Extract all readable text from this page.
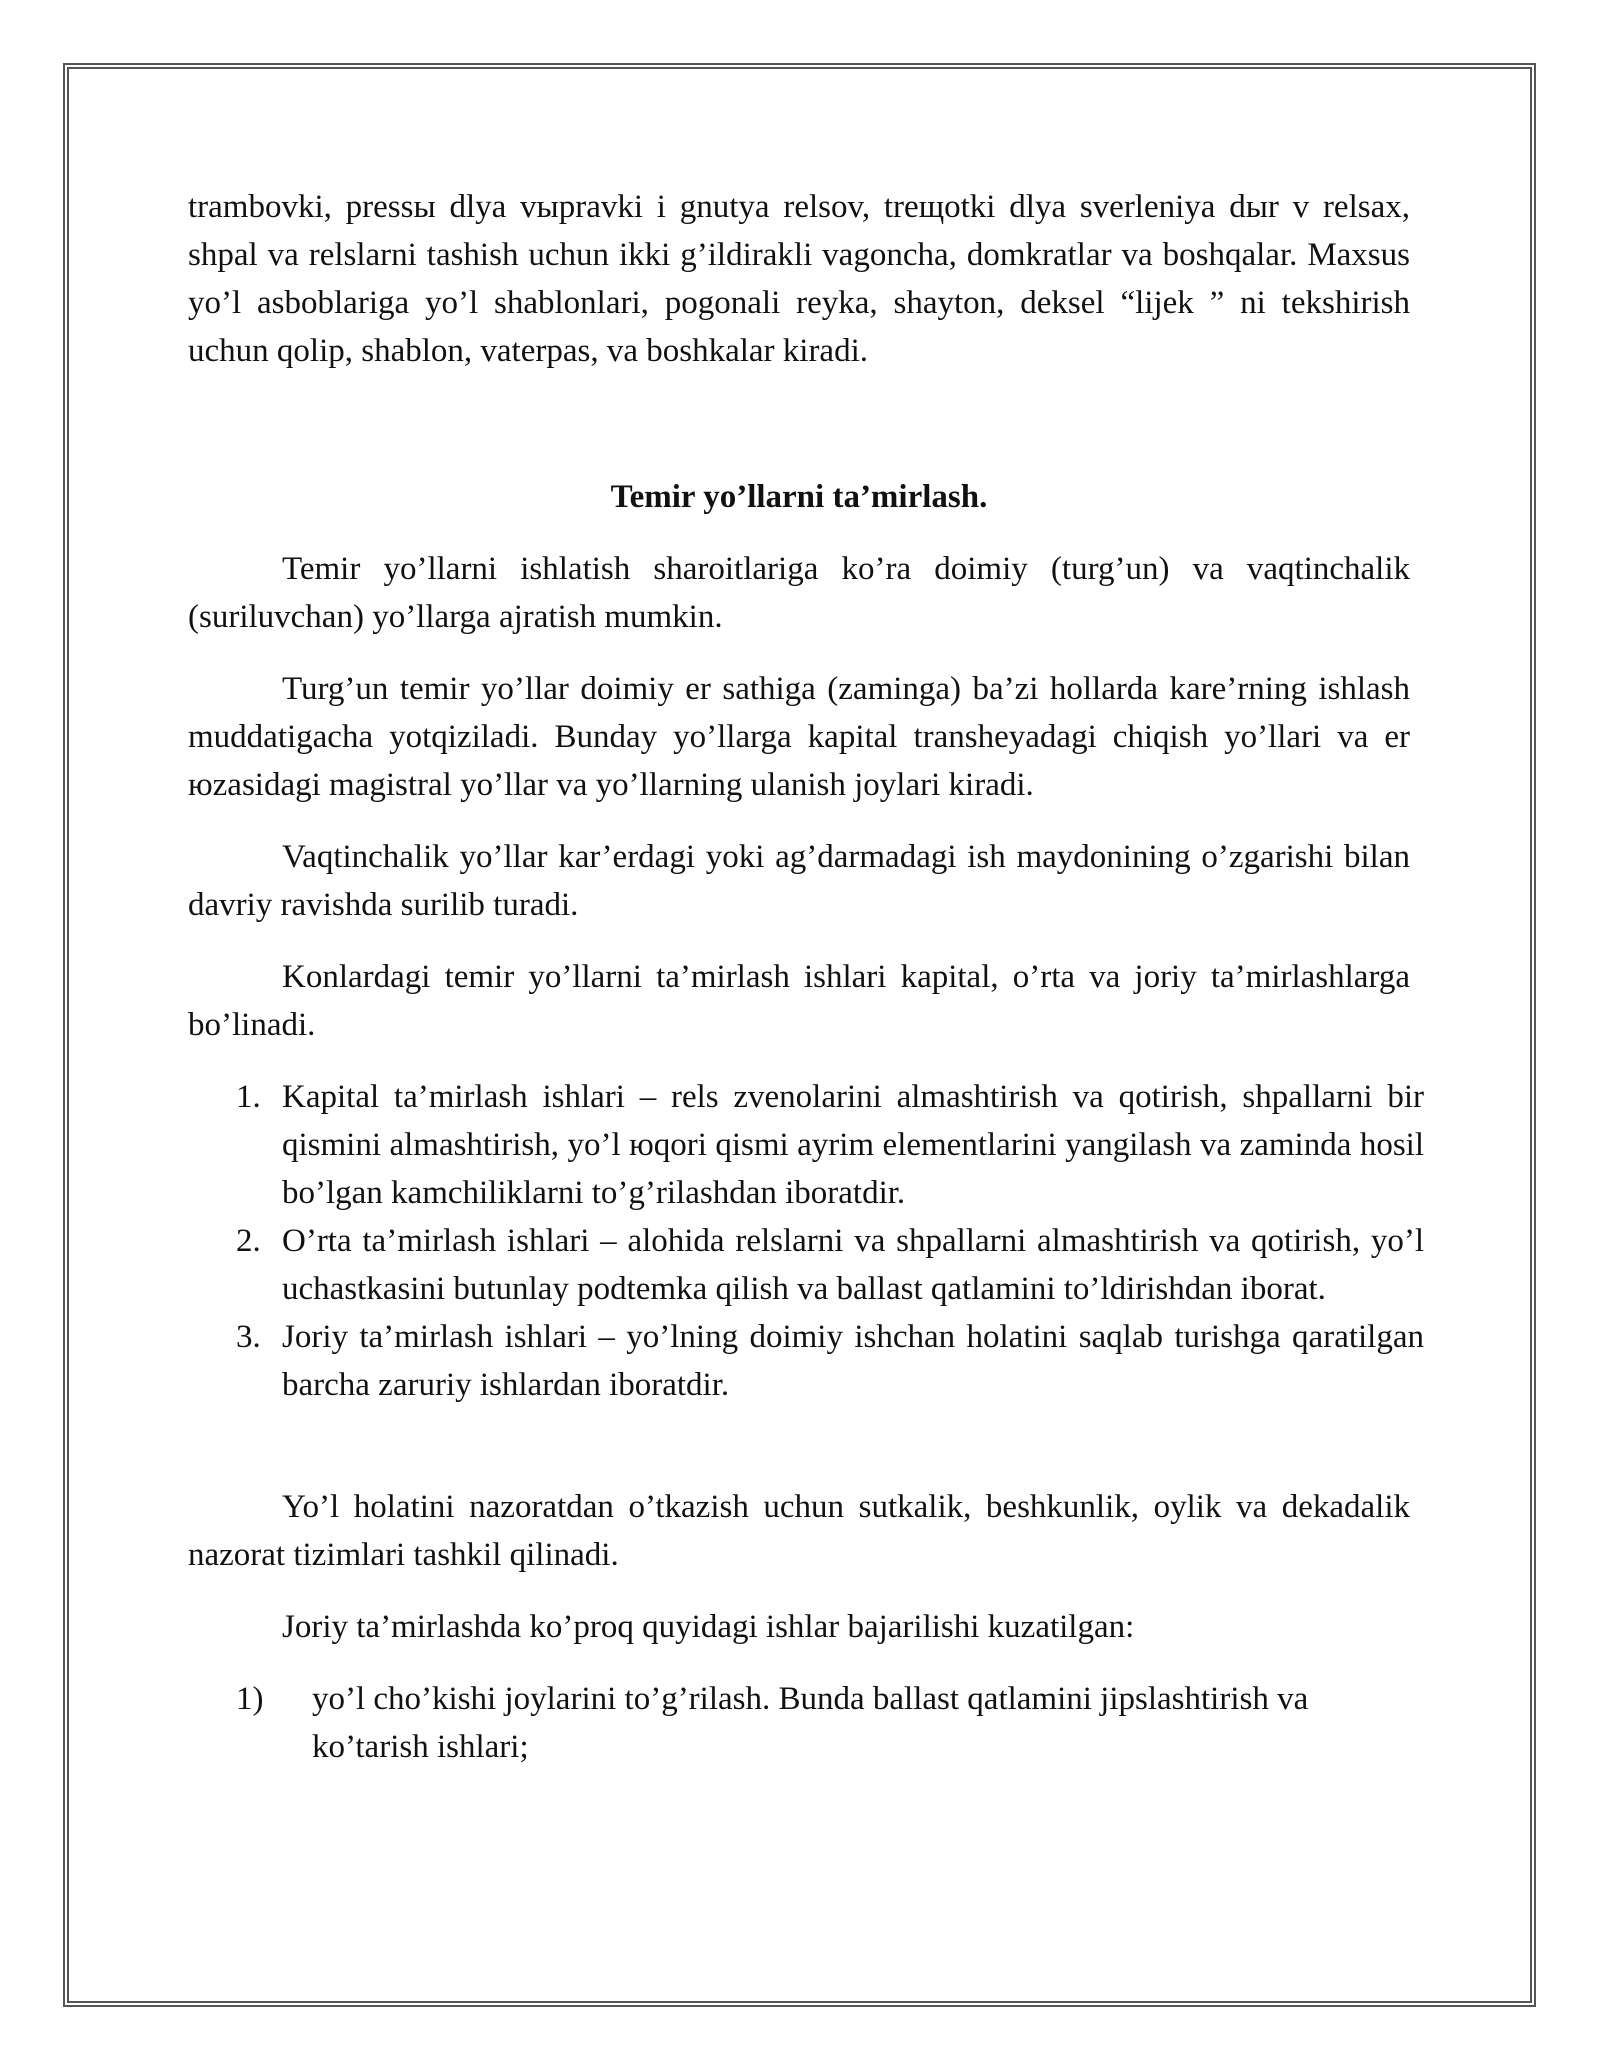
trambovki, pressы dlya vыpravki i gnutya relsov, treщotki dlya sverleniya dыr v relsax, shpal va relslarni tashish uchun ikki g’ildirakli vagoncha, domkratlar va boshqalar. Maxsus yo’l asboblariga yo’l shablonlari, pogonali reyka, shayton, deksel “lijek ” ni tekshirish uchun qolip, shablon, vaterpas, va boshkalar kiradi.

Temir yo’llarni ta’mirlash.

Temir yo’llarni ishlatish sharoitlariga ko’ra doimiy (turg’un) va vaqtinchalik (suriluvchan) yo’llarga ajratish mumkin.

Turg’un temir yo’llar doimiy er sathiga (zaminga) ba’zi hollarda kare’rning ishlash muddatigacha yotqiziladi. Bunday yo’llarga kapital transheyadagi chiqish yo’llari va er юzasidagi magistral yo’llar va yo’llarning ulanish joylari kiradi.

Vaqtinchalik yo’llar kar’erdagi yoki ag’darmadagi ish maydonining o’zgarishi bilan davriy ravishda surilib turadi.

Konlardagi temir yo’llarni ta’mirlash ishlari kapital, o’rta va joriy ta’mirlashlarga bo’linadi.

1. Kapital ta’mirlash ishlari – rels zvenolarini almashtirish va qotirish, shpallarni bir qismini almashtirish, yo’l юqori qismi ayrim elementlarini yangilash va zaminda hosil bo’lgan kamchiliklarni to’g’rilashdan iboratdir.
2. O’rta ta’mirlash ishlari – alohida relslarni va shpallarni almashtirish va qotirish, yo’l uchastkasini butunlay podtemka qilish va ballast qatlamini to’ldirishdan iborat.
3. Joriy ta’mirlash ishlari – yo’lning doimiy ishchan holatini saqlab turishga qaratilgan barcha zaruriy ishlardan iboratdir.

Yo’l holatini nazoratdan o’tkazish uchun sutkalik, beshkunlik, oylik va dekadalik nazorat tizimlari tashkil qilinadi.

Joriy ta’mirlashda ko’proq quyidagi ishlar bajarilishi kuzatilgan:

1) yo’l cho’kishi joylarini to’g’rilash. Bunda ballast qatlamini jipslashtirish va ko’tarish ishlari;
